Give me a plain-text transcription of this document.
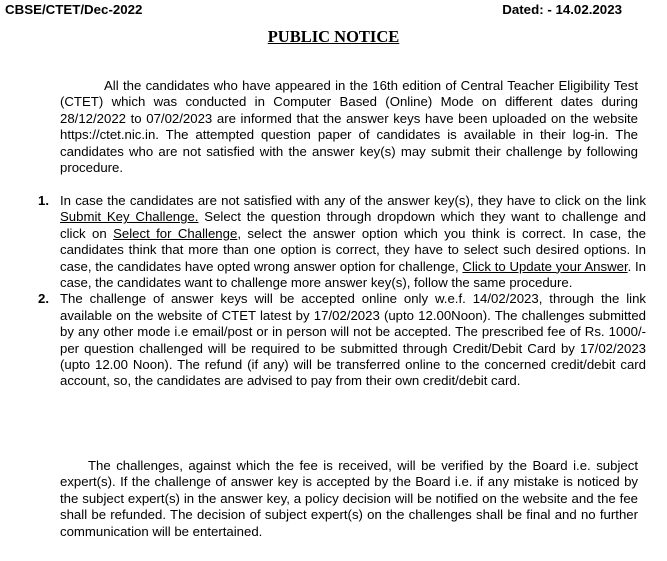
CBSE/CTET/Dec-2022	Dated: - 14.02.2023
PUBLIC NOTICE
All the candidates who have appeared in the 16th edition of Central Teacher Eligibility Test (CTET) which was conducted in Computer Based (Online) Mode on different dates during 28/12/2022 to 07/02/2023 are informed that the answer keys have been uploaded on the website https://ctet.nic.in. The attempted question paper of candidates is available in their log-in. The candidates who are not satisfied with the answer key(s) may submit their challenge by following procedure.
1. In case the candidates are not satisfied with any of the answer key(s), they have to click on the link Submit Key Challenge. Select the question through dropdown which they want to challenge and click on Select for Challenge, select the answer option which you think is correct. In case, the candidates think that more than one option is correct, they have to select such desired options. In case, the candidates have opted wrong answer option for challenge, Click to Update your Answer. In case, the candidates want to challenge more answer key(s), follow the same procedure.
2. The challenge of answer keys will be accepted online only w.e.f. 14/02/2023, through the link available on the website of CTET latest by 17/02/2023 (upto 12.00Noon). The challenges submitted by any other mode i.e email/post or in person will not be accepted. The prescribed fee of Rs. 1000/- per question challenged will be required to be submitted through Credit/Debit Card by 17/02/2023 (upto 12.00 Noon). The refund (if any) will be transferred online to the concerned credit/debit card account, so, the candidates are advised to pay from their own credit/debit card.
The challenges, against which the fee is received, will be verified by the Board i.e. subject expert(s). If the challenge of answer key is accepted by the Board i.e. if any mistake is noticed by the subject expert(s) in the answer key, a policy decision will be notified on the website and the fee shall be refunded. The decision of subject expert(s) on the challenges shall be final and no further communication will be entertained.
